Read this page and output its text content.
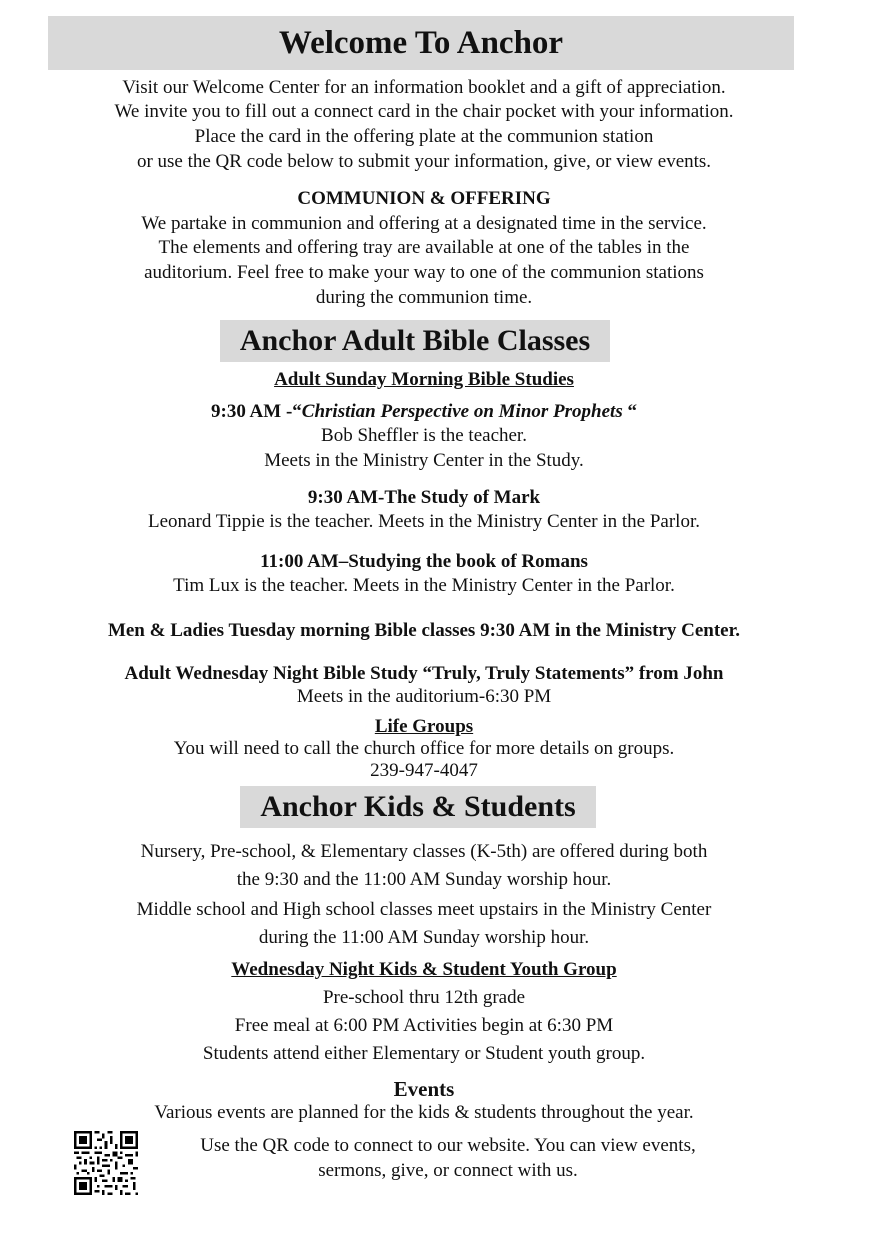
Welcome To Anchor
Visit our Welcome Center for an information booklet and a gift of appreciation.
We invite you to fill out a connect card in the chair pocket with your information.
Place the card in the offering plate at the communion station
or use the QR code below to submit your information, give, or view events.
COMMUNION & OFFERING
We partake in communion and offering at a designated time in the service.
The elements and offering tray are available at one of the tables in the
auditorium. Feel free to make your way to one of the communion stations
during the communion time.
Anchor Adult Bible Classes
Adult Sunday Morning Bible Studies
9:30 AM -“Christian Perspective on Minor Prophets “
Bob Sheffler is the teacher.
Meets in the Ministry Center in the Study.
9:30 AM-The Study of Mark
Leonard Tippie is the teacher. Meets in the Ministry Center in the Parlor.
11:00 AM–Studying the book of Romans
Tim Lux is the teacher. Meets in the Ministry Center in the Parlor.
Men & Ladies Tuesday morning Bible classes 9:30 AM in the Ministry Center.
Adult Wednesday Night Bible Study “Truly, Truly Statements” from John
Meets in the auditorium-6:30 PM
Life Groups
You will need to call the church office for more details on groups.
239-947-4047
Anchor Kids & Students
Nursery, Pre-school, & Elementary classes (K-5th) are offered during both
the 9:30 and the 11:00 AM Sunday worship hour.
Middle school and High school classes meet upstairs in the Ministry Center
during the 11:00 AM Sunday worship hour.
Wednesday Night Kids & Student Youth Group
Pre-school thru 12th grade
Free meal at 6:00 PM Activities begin at 6:30 PM
Students attend either Elementary or Student youth group.
Events
Various events are planned for the kids & students throughout the year.
Use the QR code to connect to our website. You can view events,
sermons, give, or connect with us.
